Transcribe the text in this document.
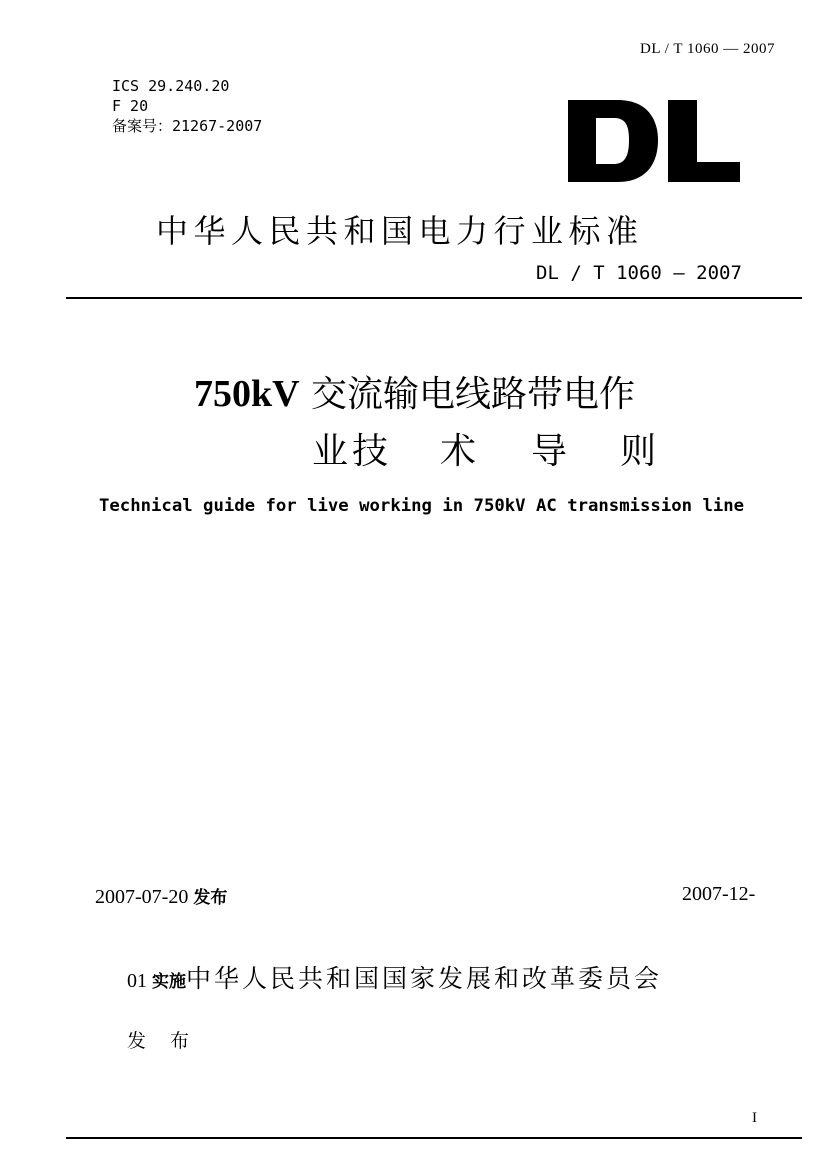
DL / T 1060 — 2007
ICS 29.240.20
F 20
备案号：21267-2007
中华人民共和国电力行业标准
DL / T 1060 — 2007
750kV 交流输电线路带电作
业 技 术 导 则
Technical guide for live working in 750kV AC transmission line
2007-07-20 发布	2007-12-
01 实施中华人民共和国国家发展和改革委员会
发布
I
